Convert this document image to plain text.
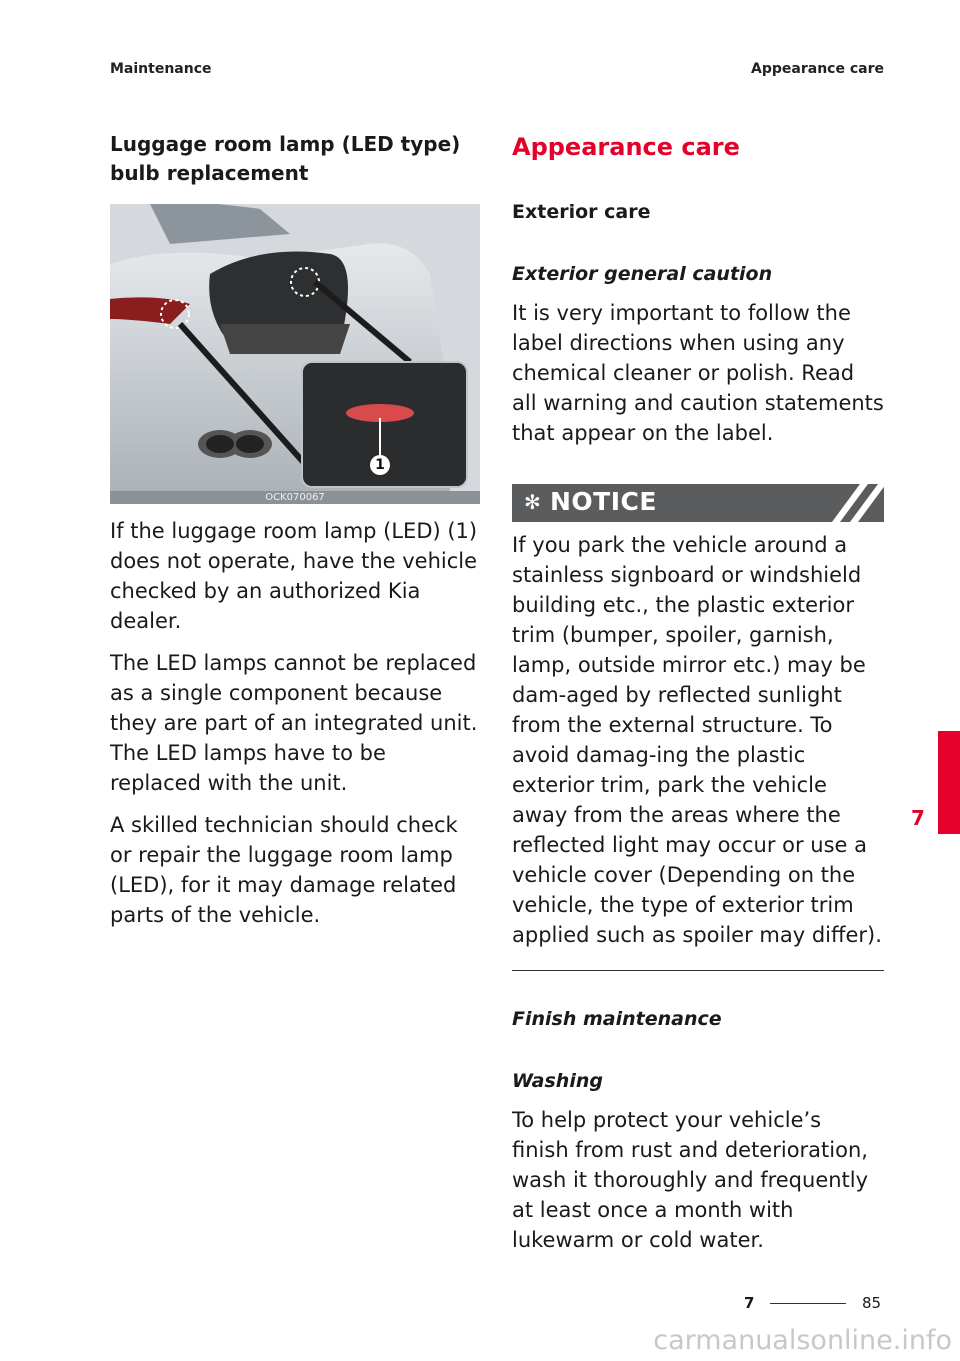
Maintenance	Appearance care
Luggage room lamp (LED type) bulb replacement
1
OCK070067

If the luggage room lamp (LED) (1) does not operate, have the vehicle checked by an authorized Kia dealer.

The LED lamps cannot be replaced as a single component because they are part of an integrated unit. The LED lamps have to be replaced with the unit.

A skilled technician should check or repair the luggage room lamp (LED), for it may damage related parts of the vehicle.

Appearance care
Exterior care
Exterior general caution

It is very important to follow the label directions when using any chemical cleaner or polish. Read all warning and caution statements that appear on the label.

✻ NOTICE

If you park the vehicle around a stainless signboard or windshield building etc., the plastic exterior trim (bumper, spoiler, garnish, lamp, outside mirror etc.) may be dam-aged by reflected sunlight from the external structure. To avoid damag-ing the plastic exterior trim, park the vehicle away from the areas where the reflected light may occur or use a vehicle cover (Depending on the vehicle, the type of exterior trim applied such as spoiler may differ).

Finish maintenance
Washing

To help protect your vehicle’s finish from rust and deterioration, wash it thoroughly and frequently at least once a month with lukewarm or cold water.

7
7	85
carmanualsonline.info
